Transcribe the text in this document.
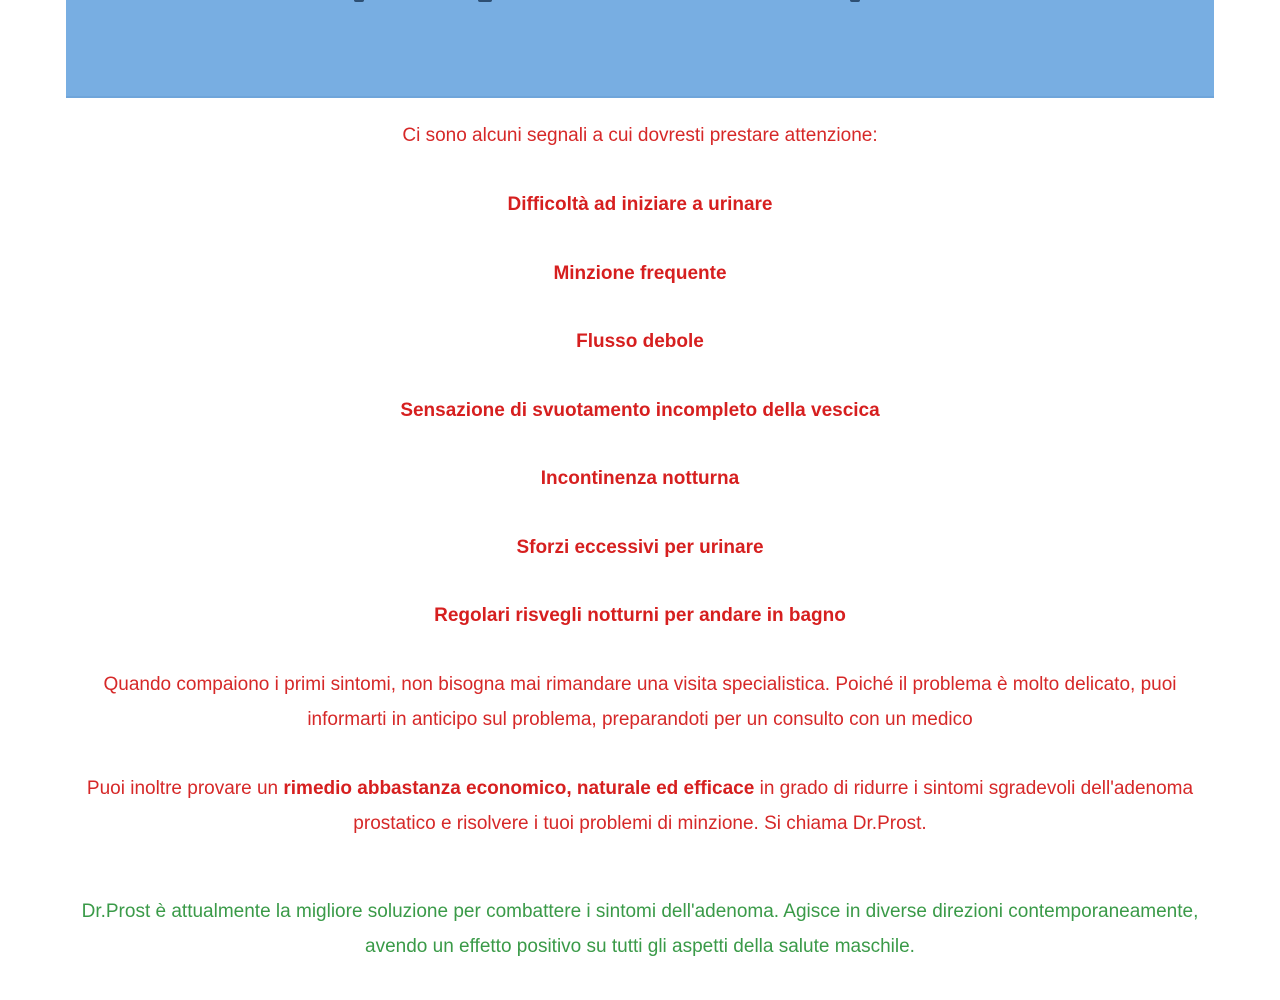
Ci sono alcuni segnali a cui dovresti prestare attenzione:

Difficoltà ad iniziare a urinare
Minzione frequente
Flusso debole
Sensazione di svuotamento incompleto della vescica
Incontinenza notturna
Sforzi eccessivi per urinare
Regolari risvegli notturni per andare in bagno

Quando compaiono i primi sintomi, non bisogna mai rimandare una visita specialistica. Poiché il problema è molto delicato, puoi informarti in anticipo sul problema, preparandoti per un consulto con un medico

Puoi inoltre provare un rimedio abbastanza economico, naturale ed efficace in grado di ridurre i sintomi sgradevoli dell'adenoma prostatico e risolvere i tuoi problemi di minzione. Si chiama Dr.Prost.

Dr.Prost è attualmente la migliore soluzione per combattere i sintomi dell'adenoma. Agisce in diverse direzioni contemporaneamente, avendo un effetto positivo su tutti gli aspetti della salute maschile.
